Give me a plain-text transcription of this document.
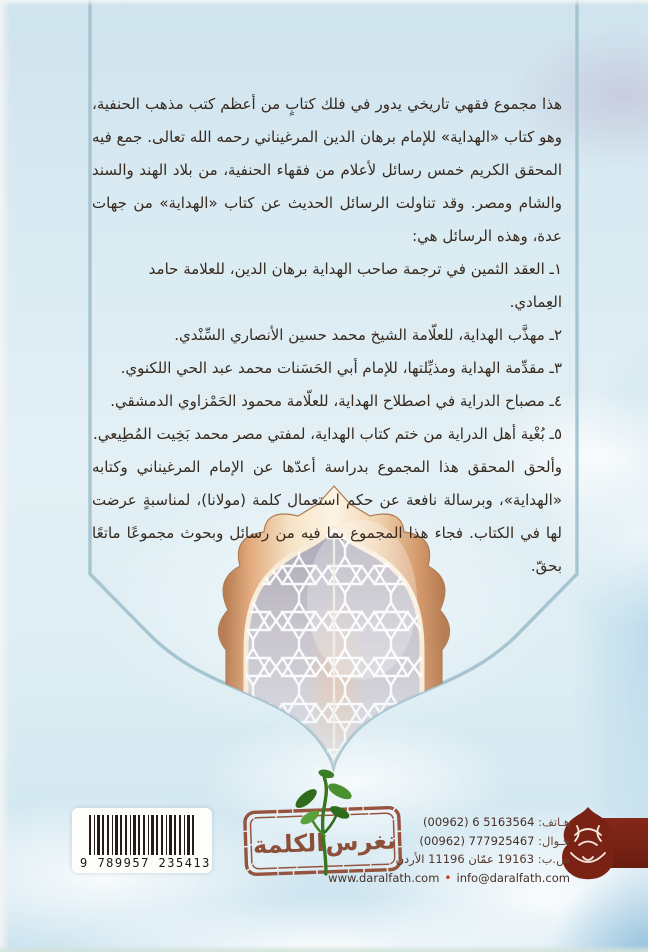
هذا مجموع فقهي تاريخي يدور في فلك كتابٍ من أعظم كتب مذهب الحنفية، وهو كتاب «الهداية» للإمام برهان الدين المرغيناني رحمه الله تعالى. جمع فيه المحقق الكريم خمس رسائل لأعلام من فقهاء الحنفية، من بلاد الهند والسند والشام ومصر. وقد تناولت الرسائل الحديث عن كتاب «الهداية» من جهات عدة، وهذه الرسائل هي:

١ـ العقد الثمين في ترجمة صاحب الهداية برهان الدين، للعلامة حامد العِمادي.
٢ـ مهذَّب الهداية، للعلّامة الشيخ محمد حسين الأنصاري السِّنْدي.
٣ـ مقدِّمة الهداية ومذيِّلتها، للإمام أبي الحَسَنات محمد عبد الحي اللكنوي.
٤ـ مصباح الدراية في اصطلاح الهداية، للعلّامة محمود الحَمْزاوي الدمشقي.
٥ـ بُغْية أهل الدراية من ختم كتاب الهداية، لمفتي مصر محمد بَخِيت المُطِيعي.

وألحق المحقق هذا المجموع بدراسة أعدّها عن الإمام المرغيناني وكتابه «الهداية»، وبرسالة نافعة عن حكم استعمال كلمة (مولانا)، لمناسبةٍ عرضت لها في الكتاب. فجاء هذا المجموع بما فيه من رسائل وبحوث مجموعًا ماتعًا بحقّ.

نغرس
الكلمة
9 789957 235413
هـاتف: (00962) 6 5163564
جـوال: (00962) 777925467
ص.ب: 19163 عمّان 11196 الأردن
www.daralfath.com • info@daralfath.com
